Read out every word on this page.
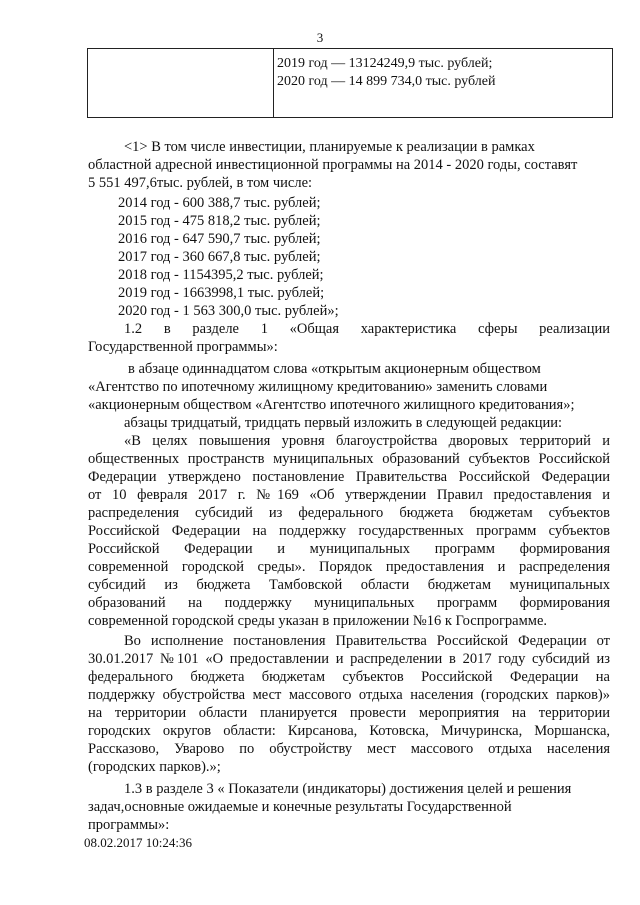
3
2019 год — 13124249,9 тыс. рублей;
2020 год — 14 899 734,0 тыс. рублей
<1> В том числе инвестиции, планируемые к реализации в рамках
областной адресной инвестиционной программы на 2014 - 2020 годы, составят
5 551 497,6тыс. рублей, в том числе:
2014 год - 600 388,7 тыс. рублей;
2015 год - 475 818,2 тыс. рублей;
2016 год - 647 590,7 тыс. рублей;
2017 год - 360 667,8 тыс. рублей;
2018 год - 1154395,2 тыс. рублей;
2019 год - 1663998,1 тыс. рублей;
2020 год - 1 563 300,0 тыс. рублей»;
1.2 в разделе 1 «Общая характеристика сферы реализации
Государственной программы»:
в абзаце одиннадцатом слова «открытым акционерным обществом
«Агентство по ипотечному жилищному кредитованию» заменить словами
«акционерным обществом «Агентство ипотечного жилищного кредитования»;
абзацы тридцатый, тридцать первый изложить в следующей редакции:
«В целях повышения уровня благоустройства дворовых территорий и
общественных пространств муниципальных образований субъектов Российской
Федерации утверждено постановление Правительства Российской Федерации
от 10 февраля 2017 г. №169 «Об утверждении Правил предоставления и
распределения субсидий из федерального бюджета бюджетам субъектов
Российской Федерации на поддержку государственных программ субъектов
Российской Федерации и муниципальных программ формирования
современной городской среды». Порядок предоставления и распределения
субсидий из бюджета Тамбовской области бюджетам муниципальных
образований на поддержку муниципальных программ формирования
современной городской среды указан в приложении №16 к Госпрограмме.
Во исполнение постановления Правительства Российской Федерации от
30.01.2017 №101 «О предоставлении и распределении в 2017 году субсидий из
федерального бюджета бюджетам субъектов Российской Федерации на
поддержку обустройства мест массового отдыха населения (городских парков)»
на территории области планируется провести мероприятия на территории
городских округов области: Кирсанова, Котовска, Мичуринска, Моршанска,
Рассказово, Уварово по обустройству мест массового отдыха населения
(городских парков).»;
1.3 в разделе 3 « Показатели (индикаторы) достижения целей и решения
задач,основные ожидаемые и конечные результаты Государственной
программы»:
08.02.2017 10:24:36
